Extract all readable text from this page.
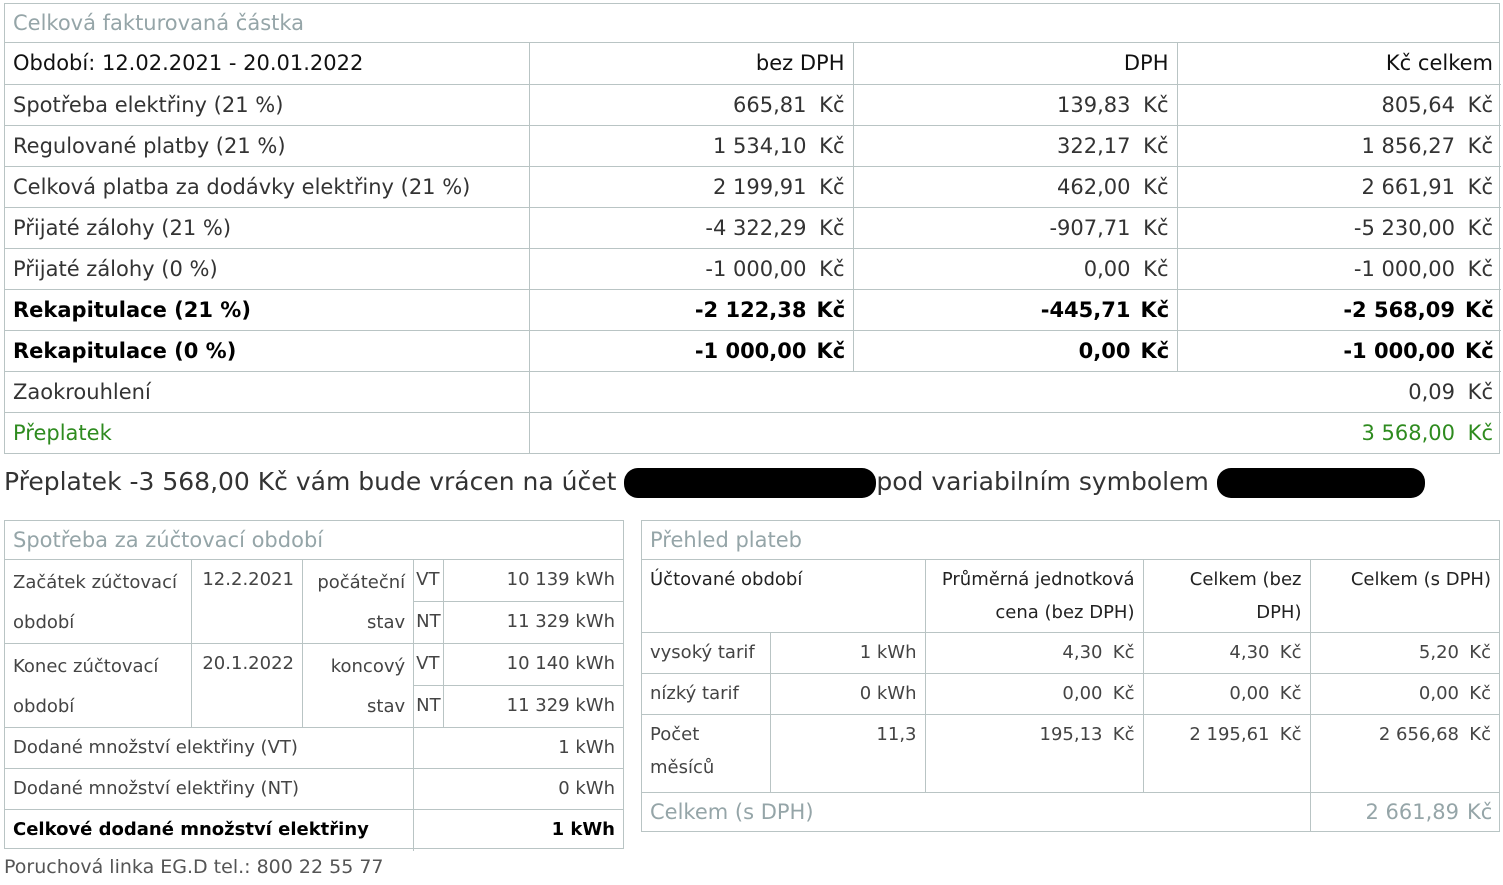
Celková fakturovaná částka
Období: 12.02.2021 - 20.01.2022	bez DPH	DPH	Kč celkem
Spotřeba elektřiny (21 %)	665,81 Kč	139,83 Kč	805,64 Kč
Regulované platby (21 %)	1 534,10 Kč	322,17 Kč	1 856,27 Kč
Celková platba za dodávky elektřiny (21 %)	2 199,91 Kč	462,00 Kč	2 661,91 Kč
Přijaté zálohy (21 %)	-4 322,29 Kč	-907,71 Kč	-5 230,00 Kč
Přijaté zálohy (0 %)	-1 000,00 Kč	0,00 Kč	-1 000,00 Kč
Rekapitulace (21 %)	-2 122,38 Kč	-445,71 Kč	-2 568,09 Kč
Rekapitulace (0 %)	-1 000,00 Kč	0,00 Kč	-1 000,00 Kč
Zaokrouhlení	0,09 Kč		
Přeplatek	3 568,00 Kč		
Přeplatek -3 568,00 Kč vám bude vrácen na účet	pod variabilním symbolem
Spotřeba za zúčtovací období
Začátek zúčtovací období	12.2.2021	počáteční stav	VT	10 139 kWh
			NT	11 329 kWh
Konec zúčtovací období	20.1.2022	koncový stav	VT	10 140 kWh
			NT	11 329 kWh
Dodané množství elektřiny (VT)			1 kWh	
Dodané množství elektřiny (NT)			0 kWh	
Celkové dodané množství elektřiny			1 kWh	
Přehled plateb
Účtované období		Průměrná jednotková cena (bez DPH)	Celkem (bez DPH)	Celkem (s DPH)
vysoký tarif	1 kWh	4,30 Kč	4,30 Kč	5,20 Kč
nízký tarif	0 kWh	0,00 Kč	0,00 Kč	0,00 Kč
Počet měsíců	11,3	195,13 Kč	2 195,61 Kč	2 656,68 Kč
Celkem (s DPH)				2 661,89 Kč
Poruchová linka EG.D tel.: 800 22 55 77
